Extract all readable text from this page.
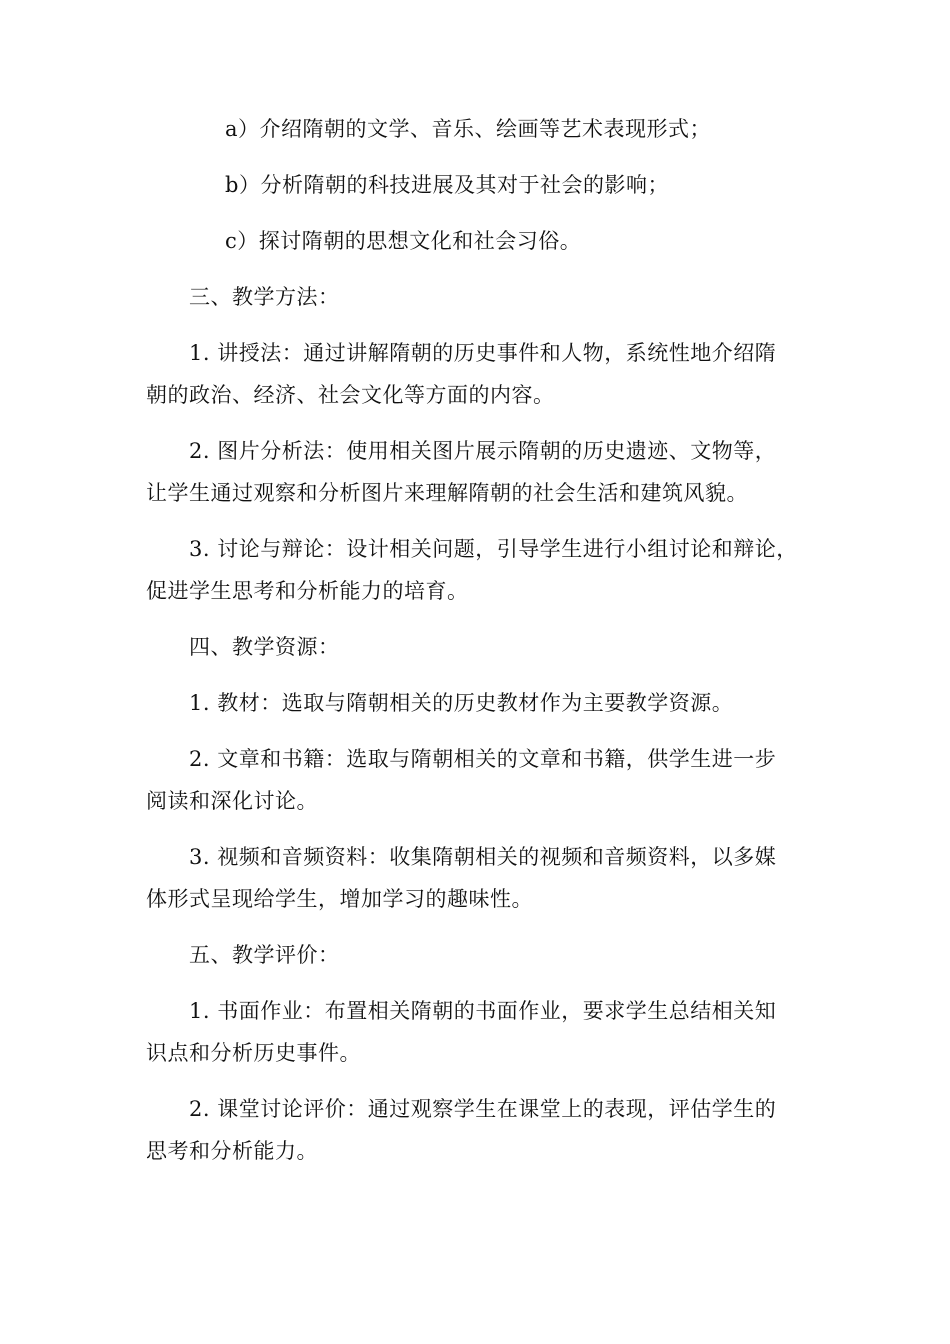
a）介绍隋朝的文学、音乐、绘画等艺术表现形式；

b）分析隋朝的科技进展及其对于社会的影响；

c）探讨隋朝的思想文化和社会习俗。

三、教学方法：

1. 讲授法：通过讲解隋朝的历史事件和人物，系统性地介绍隋

朝的政治、经济、社会文化等方面的内容。

2. 图片分析法：使用相关图片展示隋朝的历史遗迹、文物等，

让学生通过观察和分析图片来理解隋朝的社会生活和建筑风貌。

3. 讨论与辩论：设计相关问题，引导学生进行小组讨论和辩论，

促进学生思考和分析能力的培育。

四、教学资源：

1. 教材：选取与隋朝相关的历史教材作为主要教学资源。

2. 文章和书籍：选取与隋朝相关的文章和书籍，供学生进一步

阅读和深化讨论。

3. 视频和音频资料：收集隋朝相关的视频和音频资料，以多媒

体形式呈现给学生，增加学习的趣味性。

五、教学评价：

1. 书面作业：布置相关隋朝的书面作业，要求学生总结相关知

识点和分析历史事件。

2. 课堂讨论评价：通过观察学生在课堂上的表现，评估学生的

思考和分析能力。
